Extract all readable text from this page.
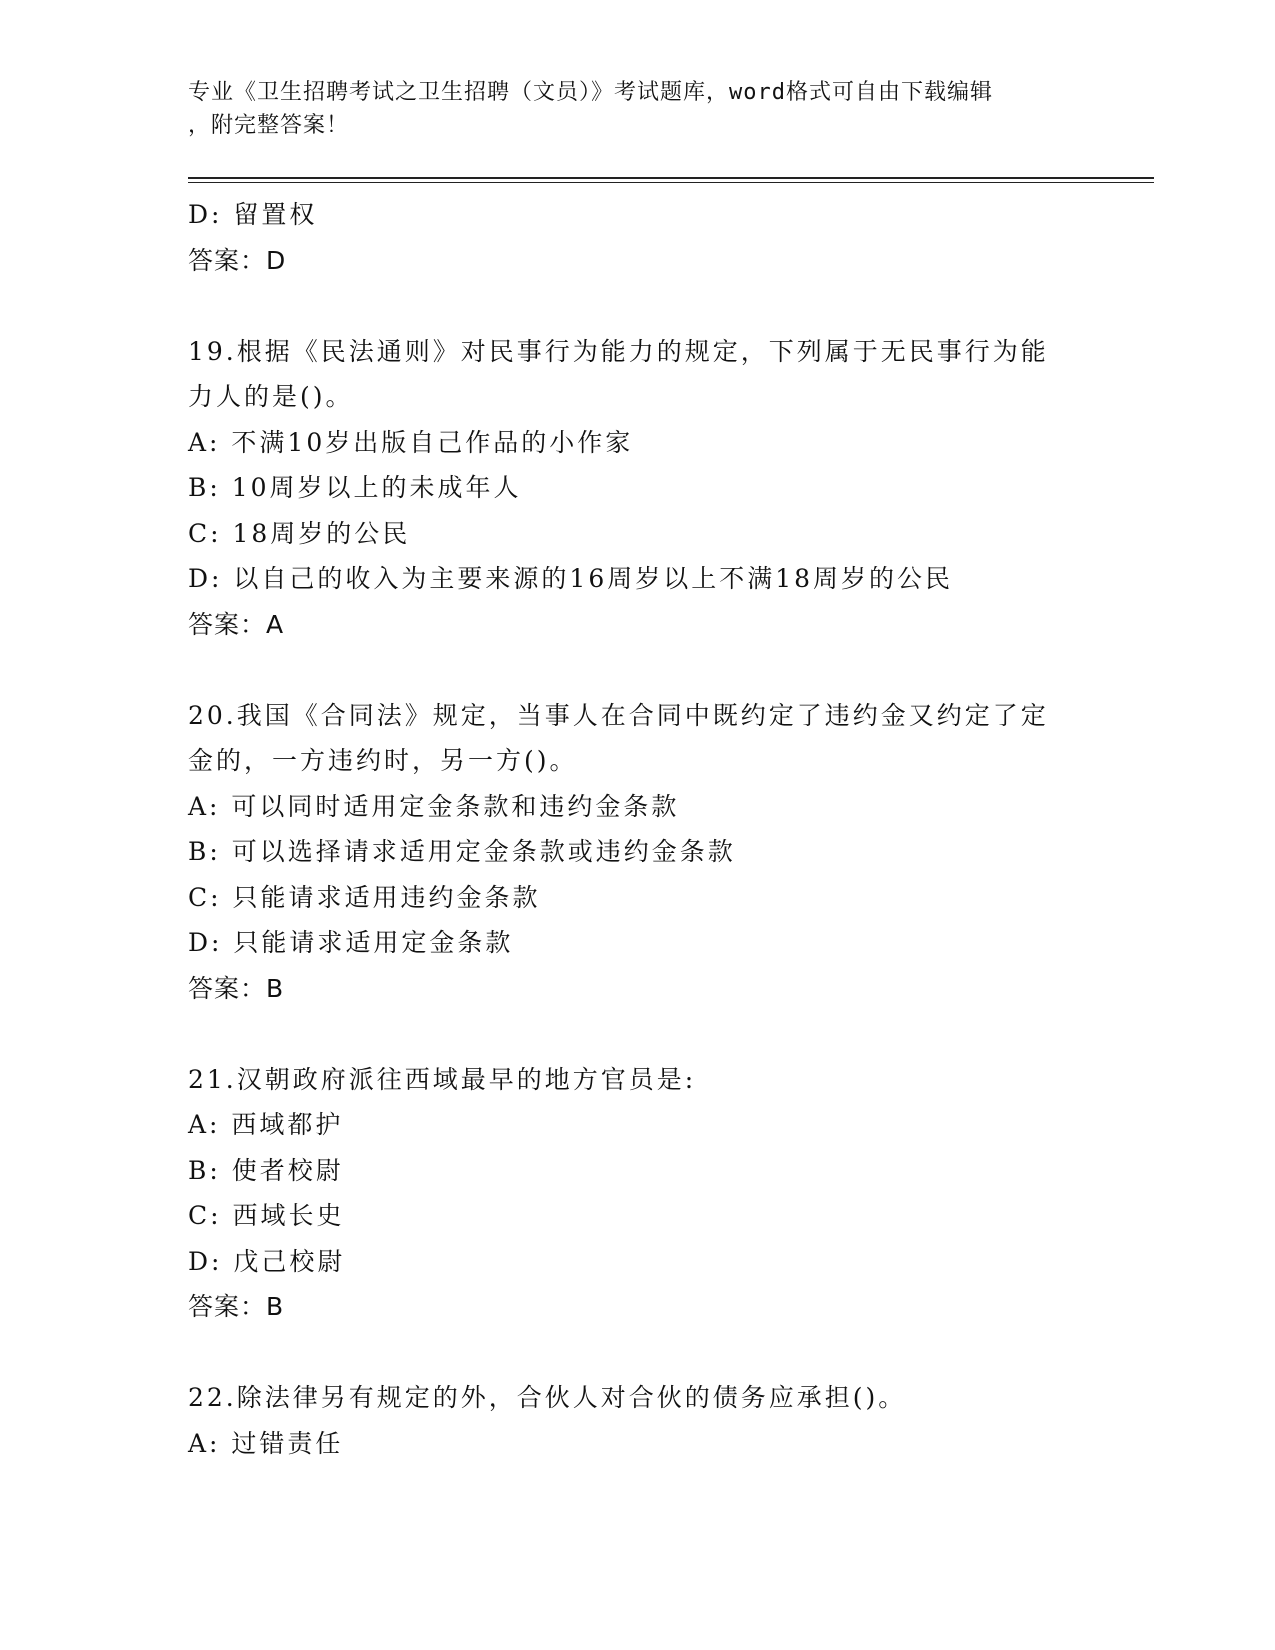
专业《卫生招聘考试之卫生招聘（文员）》考试题库，word格式可自由下载编辑
，附完整答案！
D: 留置权
答案：D
19.根据《民法通则》对民事行为能力的规定，下列属于无民事行为能
力人的是()。
A: 不满10岁出版自己作品的小作家
B: 10周岁以上的未成年人
C: 18周岁的公民
D: 以自己的收入为主要来源的16周岁以上不满18周岁的公民
答案：A
20.我国《合同法》规定，当事人在合同中既约定了违约金又约定了定
金的，一方违约时，另一方()。
A: 可以同时适用定金条款和违约金条款
B: 可以选择请求适用定金条款或违约金条款
C: 只能请求适用违约金条款
D: 只能请求适用定金条款
答案：B
21.汉朝政府派往西域最早的地方官员是:
A: 西域都护
B: 使者校尉
C: 西域长史
D: 戊己校尉
答案：B
22.除法律另有规定的外，合伙人对合伙的债务应承担()。
A: 过错责任
